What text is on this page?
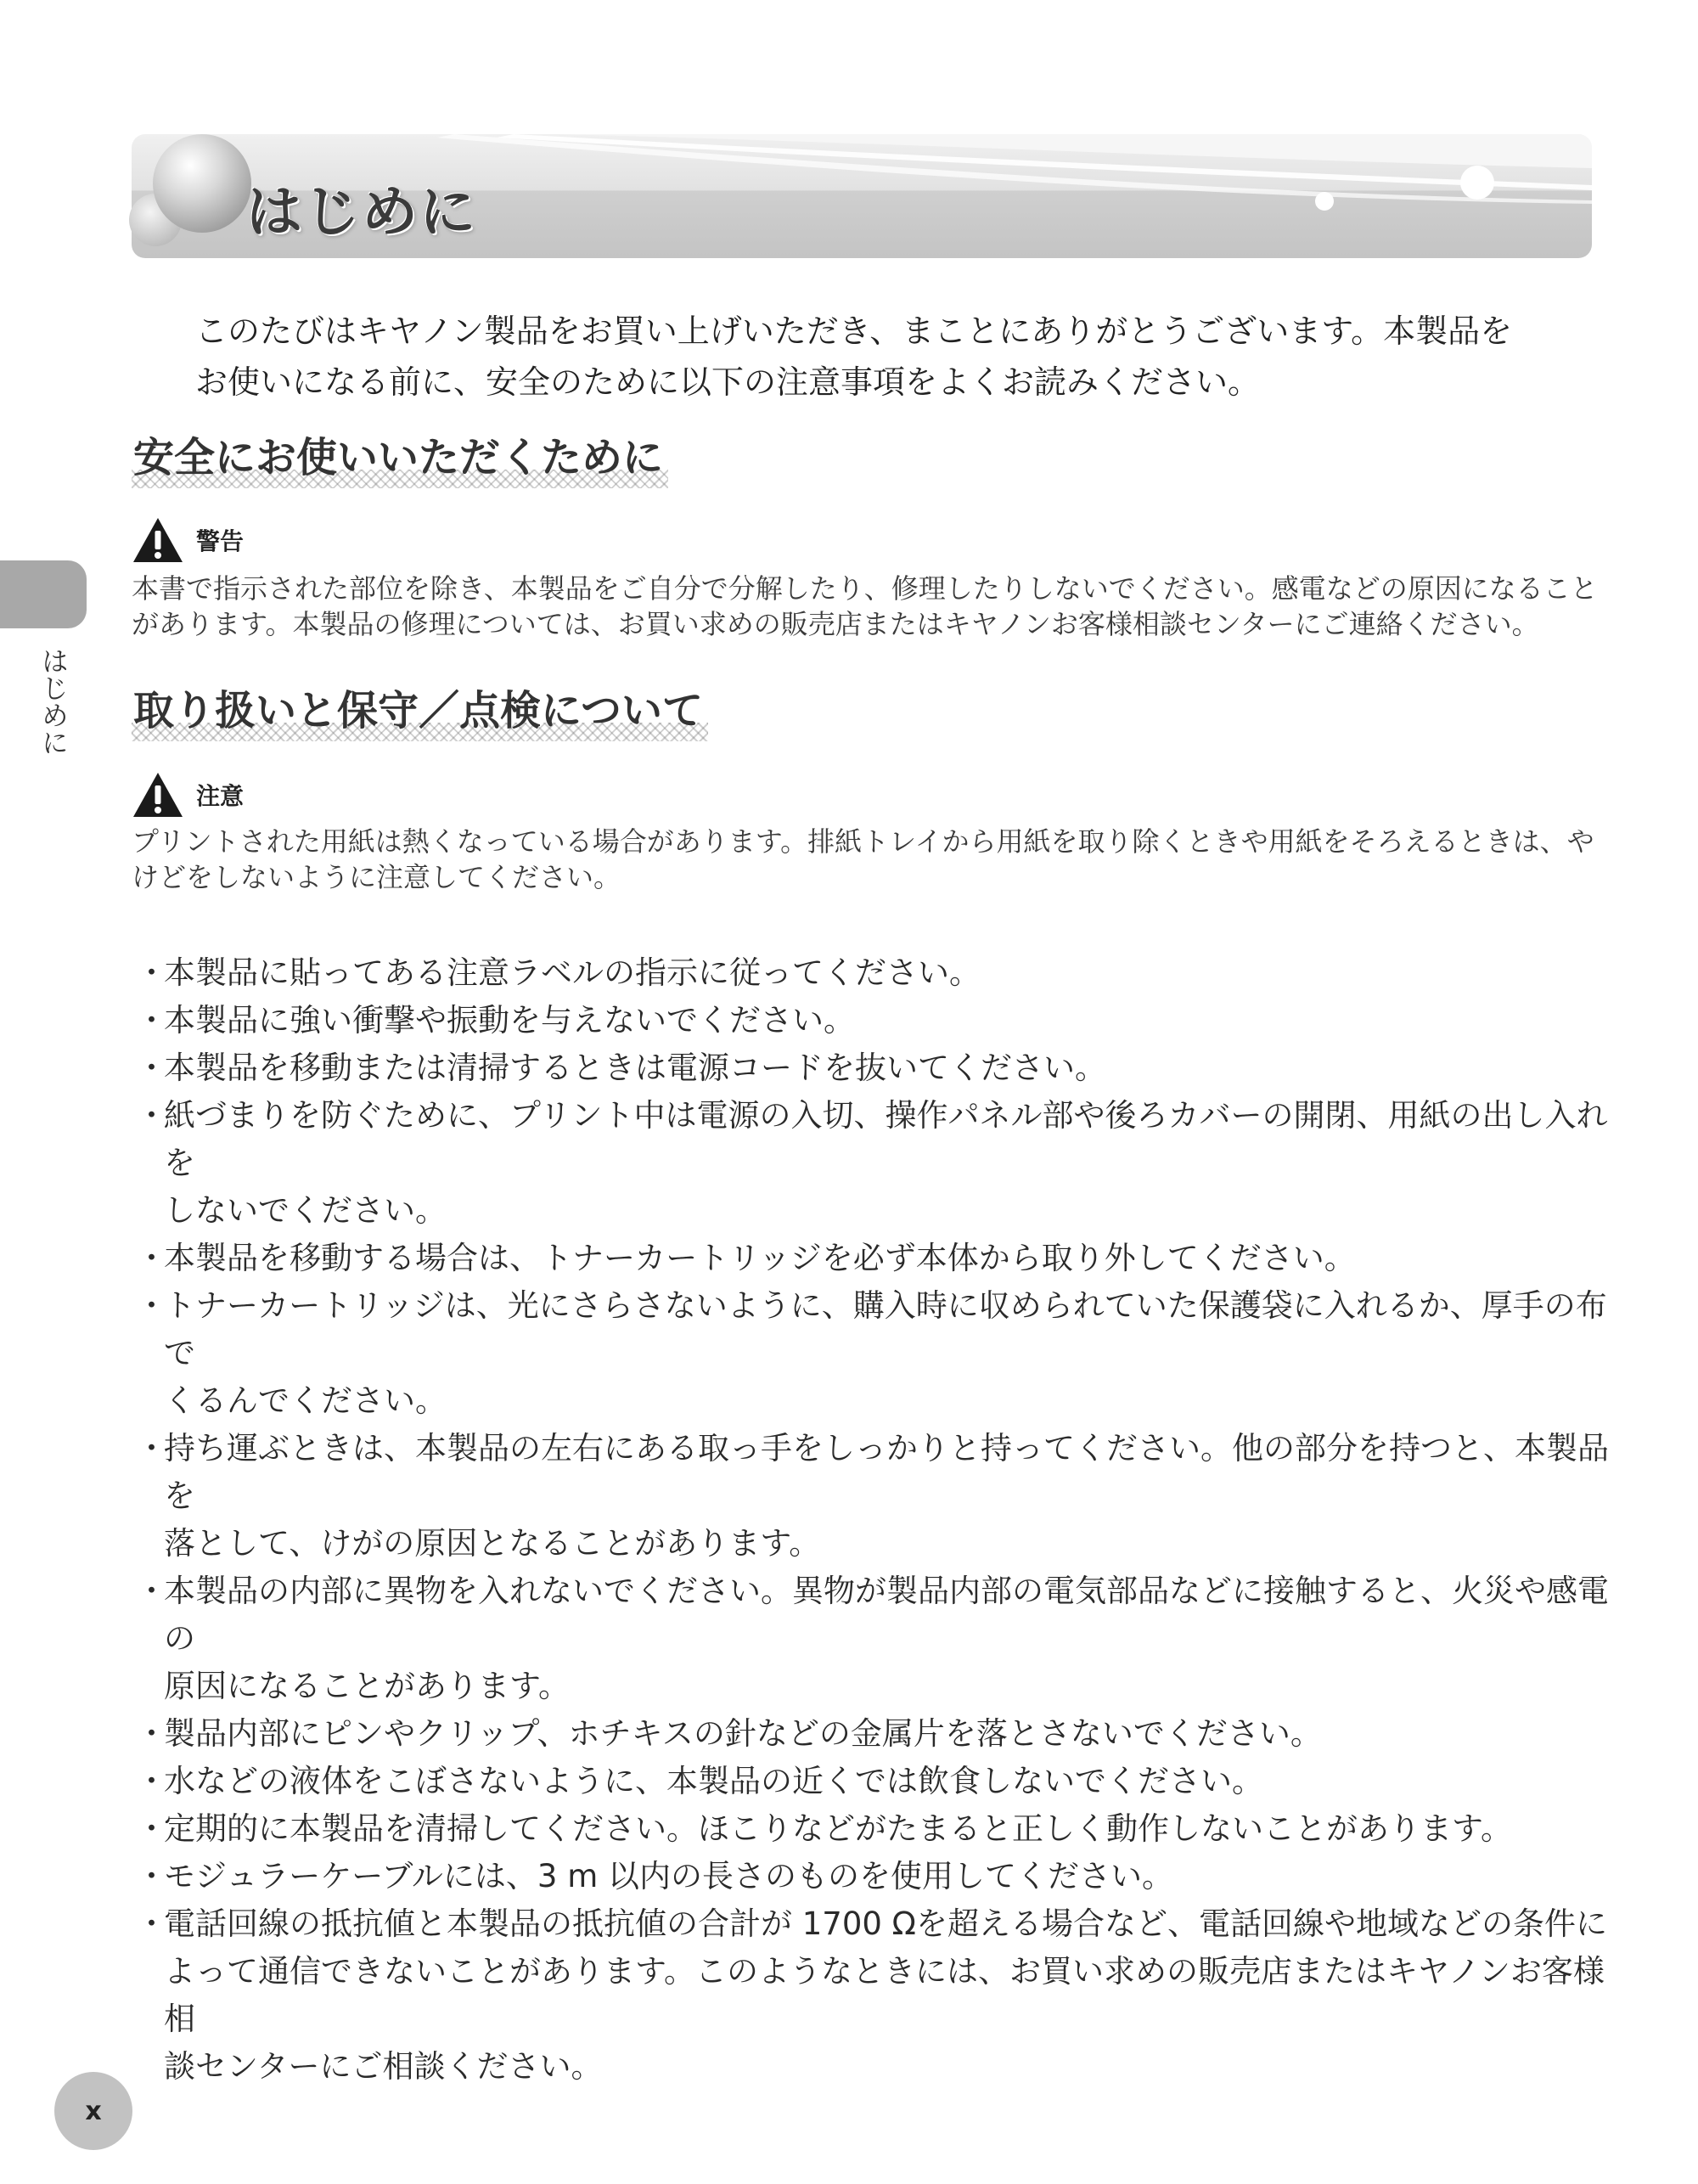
はじめに
このたびはキヤノン製品をお買い上げいただき、まことにありがとうございます。本製品を
お使いになる前に、安全のために以下の注意事項をよくお読みください。
安全にお使いいただくために
警告
本書で指示された部位を除き、本製品をご自分で分解したり、修理したりしないでください。感電などの原因になること
があります。本製品の修理については、お買い求めの販売店またはキヤノンお客様相談センターにご連絡ください。
取り扱いと保守／点検について
注意
プリントされた用紙は熱くなっている場合があります。排紙トレイから用紙を取り除くときや用紙をそろえるときは、や
けどをしないように注意してください。
・
本製品に貼ってある注意ラベルの指示に従ってください。
・
本製品に強い衝撃や振動を与えないでください。
・
本製品を移動または清掃するときは電源コードを抜いてください。
・
紙づまりを防ぐために、プリント中は電源の入切、操作パネル部や後ろカバーの開閉、用紙の出し入れを
しないでください。
・
本製品を移動する場合は、トナーカートリッジを必ず本体から取り外してください。
・
トナーカートリッジは、光にさらさないように、購入時に収められていた保護袋に入れるか、厚手の布で
くるんでください。
・
持ち運ぶときは、本製品の左右にある取っ手をしっかりと持ってください。他の部分を持つと、本製品を
落として、けがの原因となることがあります。
・
本製品の内部に異物を入れないでください。異物が製品内部の電気部品などに接触すると、火災や感電の
原因になることがあります。
・
製品内部にピンやクリップ、ホチキスの針などの金属片を落とさないでください。
・
水などの液体をこぼさないように、本製品の近くでは飲食しないでください。
・
定期的に本製品を清掃してください。ほこりなどがたまると正しく動作しないことがあります。
・
モジュラーケーブルには、3 m 以内の長さのものを使用してください。
・
電話回線の抵抗値と本製品の抵抗値の合計が 1700 Ωを超える場合など、電話回線や地域などの条件に
よって通信できないことがあります。このようなときには、お買い求めの販売店またはキヤノンお客様相
談センターにご相談ください。
はじめに
x
